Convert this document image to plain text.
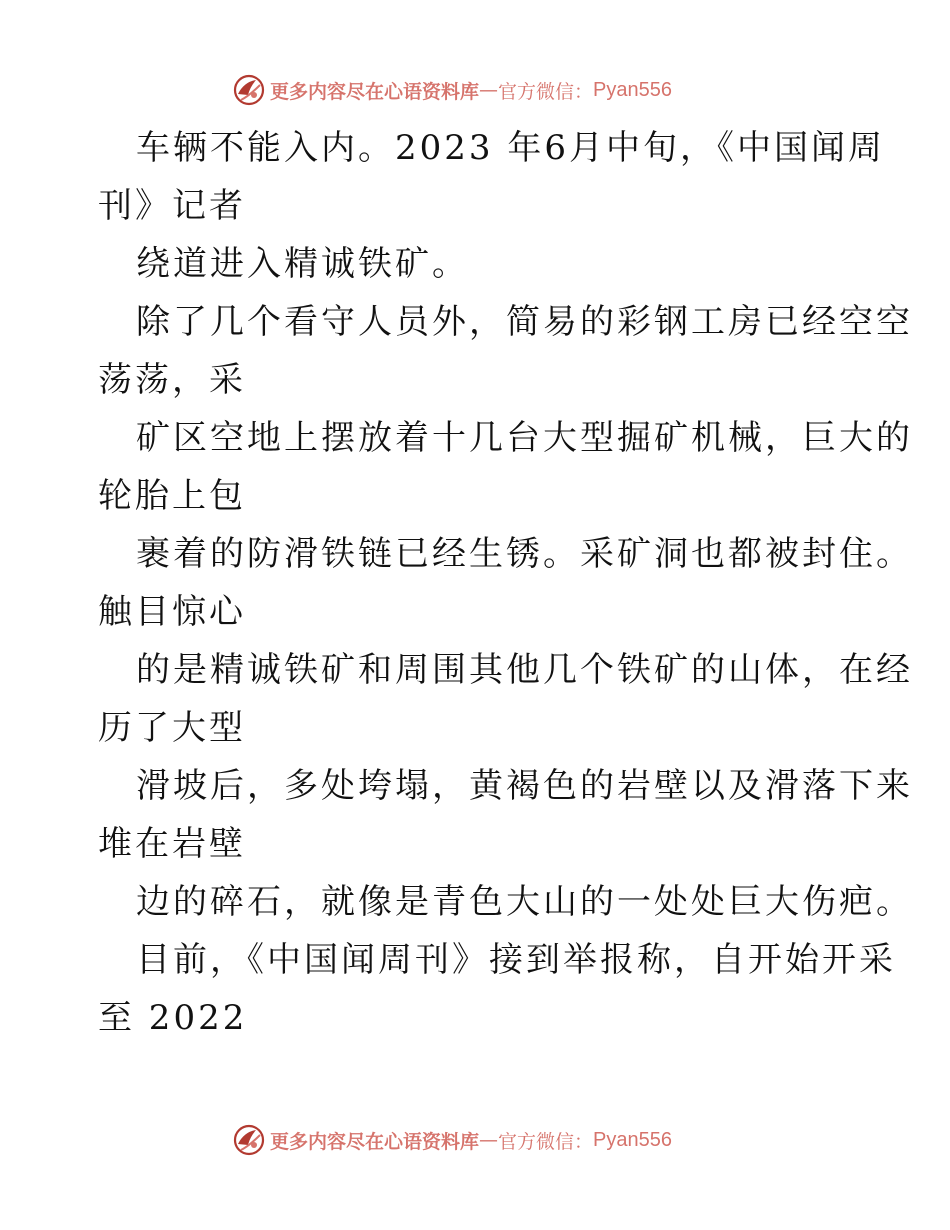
更多内容尽在心语资料库 — 官方微信： Pyan556
车辆不能入内。2023 年6月中旬，《中国闻周
刊》记者
绕道进入精诚铁矿。
除了几个看守人员外，简易的彩钢工房已经空空
荡荡，采
矿区空地上摆放着十几台大型掘矿机械，巨大的
轮胎上包
裹着的防滑铁链已经生锈。采矿洞也都被封住。
触目惊心
的是精诚铁矿和周围其他几个铁矿的山体，在经
历了大型
滑坡后，多处垮塌，黄褐色的岩壁以及滑落下来
堆在岩壁
边的碎石，就像是青色大山的一处处巨大伤疤。
目前，《中国闻周刊》接到举报称，自开始开采
至 2022
更多内容尽在心语资料库 — 官方微信： Pyan556
